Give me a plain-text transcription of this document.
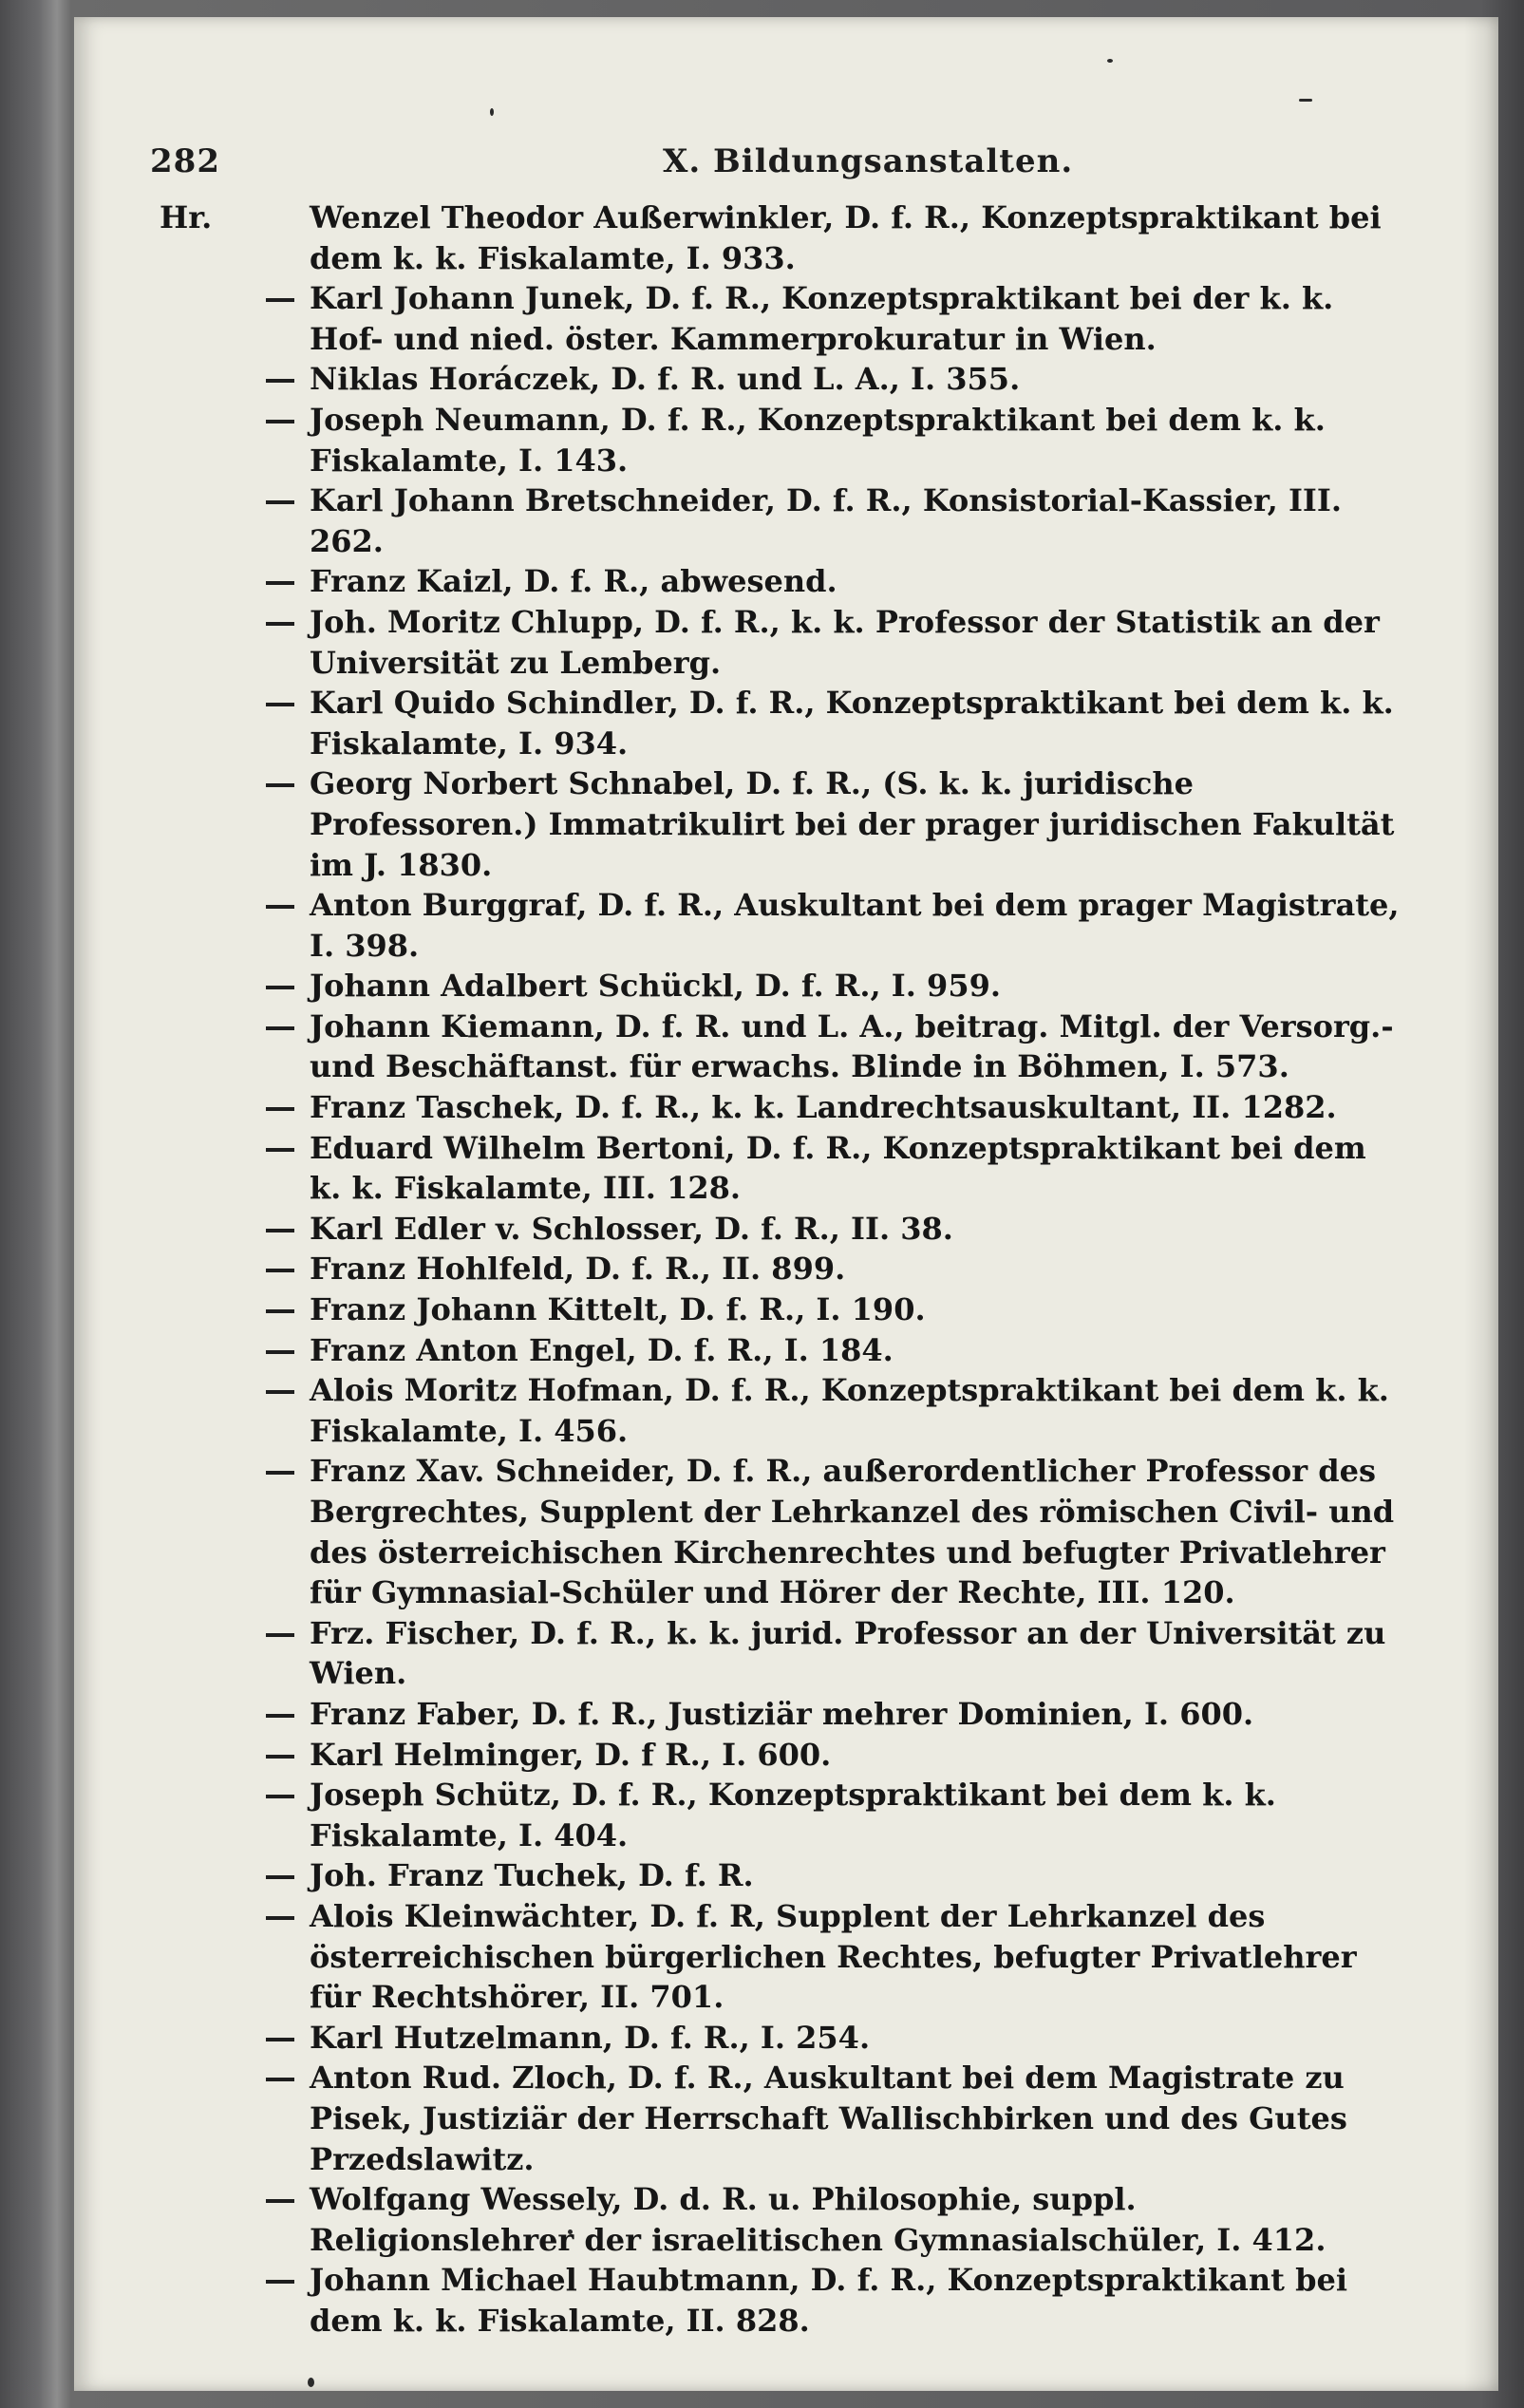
282	X. Bildungsanstalten.
Hr.	Wenzel Theodor Außerwinkler, D. f. R., Konzeptspraktikant bei dem k. k. Fiskalamte, I. 933.
Karl Johann Junek, D. f. R., Konzeptspraktikant bei der k. k. Hof- und nied. öster. Kammerprokuratur in Wien.
Niklas Horáczek, D. f. R. und L. A., I. 355.
Joseph Neumann, D. f. R., Konzeptspraktikant bei dem k. k. Fiskalamte, I. 143.
Karl Johann Bretschneider, D. f. R., Konsistorial-Kassier, III. 262.
Franz Kaizl, D. f. R., abwesend.
Joh. Moritz Chlupp, D. f. R., k. k. Professor der Statistik an der Universität zu Lemberg.
Karl Quido Schindler, D. f. R., Konzeptspraktikant bei dem k. k. Fiskalamte, I. 934.
Georg Norbert Schnabel, D. f. R., (S. k. k. juridische Professoren.) Immatrikulirt bei der prager juridischen Fakultät im J. 1830.
Anton Burggraf, D. f. R., Auskultant bei dem prager Magistrate, I. 398.
Johann Adalbert Schückl, D. f. R., I. 959.
Johann Kiemann, D. f. R. und L. A., beitrag. Mitgl. der Versorg.- und Beschäftanst. für erwachs. Blinde in Böhmen, I. 573.
Franz Taschek, D. f. R., k. k. Landrechtsauskultant, II. 1282.
Eduard Wilhelm Bertoni, D. f. R., Konzeptspraktikant bei dem k. k. Fiskalamte, III. 128.
Karl Edler v. Schlosser, D. f. R., II. 38.
Franz Hohlfeld, D. f. R., II. 899.
Franz Johann Kittelt, D. f. R., I. 190.
Franz Anton Engel, D. f. R., I. 184.
Alois Moritz Hofman, D. f. R., Konzeptspraktikant bei dem k. k. Fiskalamte, I. 456.
Franz Xav. Schneider, D. f. R., außerordentlicher Professor des Bergrechtes, Supplent der Lehrkanzel des römischen Civil- und des österreichischen Kirchenrechtes und befugter Privatlehrer für Gymnasial-Schüler und Hörer der Rechte, III. 120.
Frz. Fischer, D. f. R., k. k. jurid. Professor an der Universität zu Wien.
Franz Faber, D. f. R., Justiziär mehrer Dominien, I. 600.
Karl Helminger, D. f R., I. 600.
Joseph Schütz, D. f. R., Konzeptspraktikant bei dem k. k. Fiskalamte, I. 404.
Joh. Franz Tuchek, D. f. R.
Alois Kleinwächter, D. f. R, Supplent der Lehrkanzel des österreichischen bürgerlichen Rechtes, befugter Privatlehrer für Rechtshörer, II. 701.
Karl Hutzelmann, D. f. R., I. 254.
Anton Rud. Zloch, D. f. R., Auskultant bei dem Magistrate zu Pisek, Justiziär der Herrschaft Wallischbirken und des Gutes Przedslawitz.
Wolfgang Wessely, D. d. R. u. Philosophie, suppl. Religionslehrer der israelitischen Gymnasialschüler, I. 412.
Johann Michael Haubtmann, D. f. R., Konzeptspraktikant bei dem k. k. Fiskalamte, II. 828.
